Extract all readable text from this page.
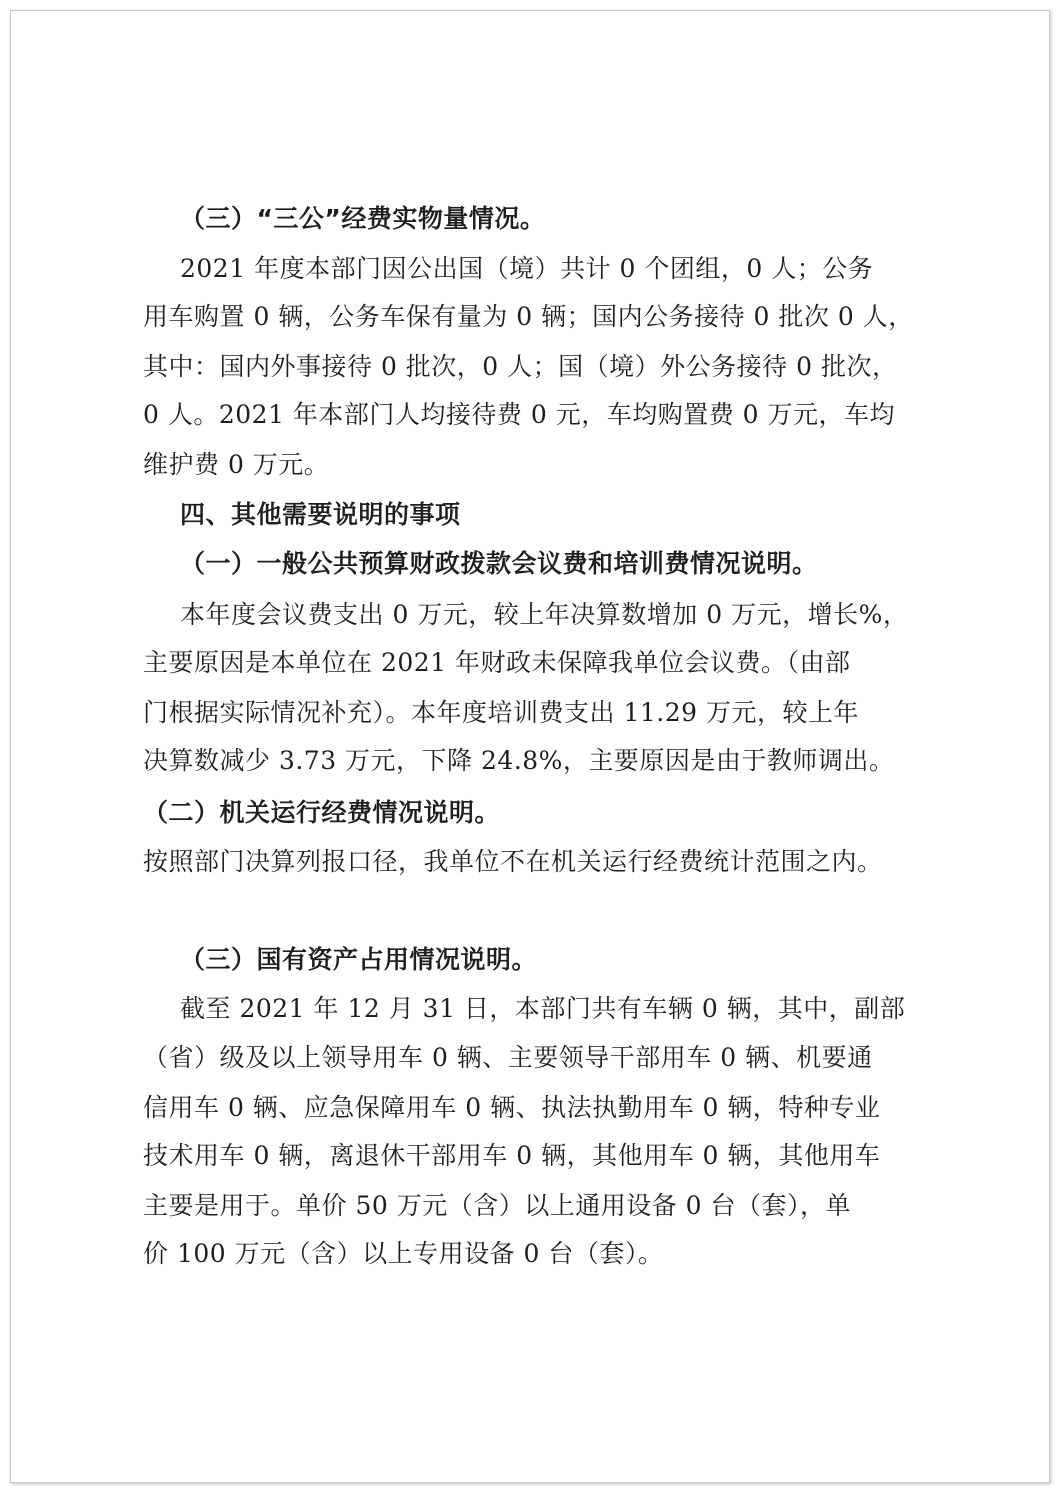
（三）“三公”经费实物量情况。
2021 年度本部门因公出国（境）共计 0 个团组，0 人；公务
用车购置 0 辆，公务车保有量为 0 辆；国内公务接待 0 批次 0 人，
其中：国内外事接待 0 批次，0 人；国（境）外公务接待 0 批次，
0 人。2021 年本部门人均接待费 0 元，车均购置费 0 万元，车均
维护费 0 万元。
四、其他需要说明的事项
（一）一般公共预算财政拨款会议费和培训费情况说明。
本年度会议费支出 0 万元，较上年决算数增加 0 万元，增长%，
主要原因是本单位在 2021 年财政未保障我单位会议费。（由部
门根据实际情况补充）。本年度培训费支出 11.29 万元，较上年
决算数减少 3.73 万元，下降 24.8%，主要原因是由于教师调出。
（二）机关运行经费情况说明。
按照部门决算列报口径，我单位不在机关运行经费统计范围之内。
（三）国有资产占用情况说明。
截至 2021 年 12 月 31 日，本部门共有车辆 0 辆，其中，副部
（省）级及以上领导用车 0 辆、主要领导干部用车 0 辆、机要通
信用车 0 辆、应急保障用车 0 辆、执法执勤用车 0 辆，特种专业
技术用车 0 辆，离退休干部用车 0 辆，其他用车 0 辆，其他用车
主要是用于。单价 50 万元（含）以上通用设备 0 台（套），单
价 100 万元（含）以上专用设备 0 台（套）。
